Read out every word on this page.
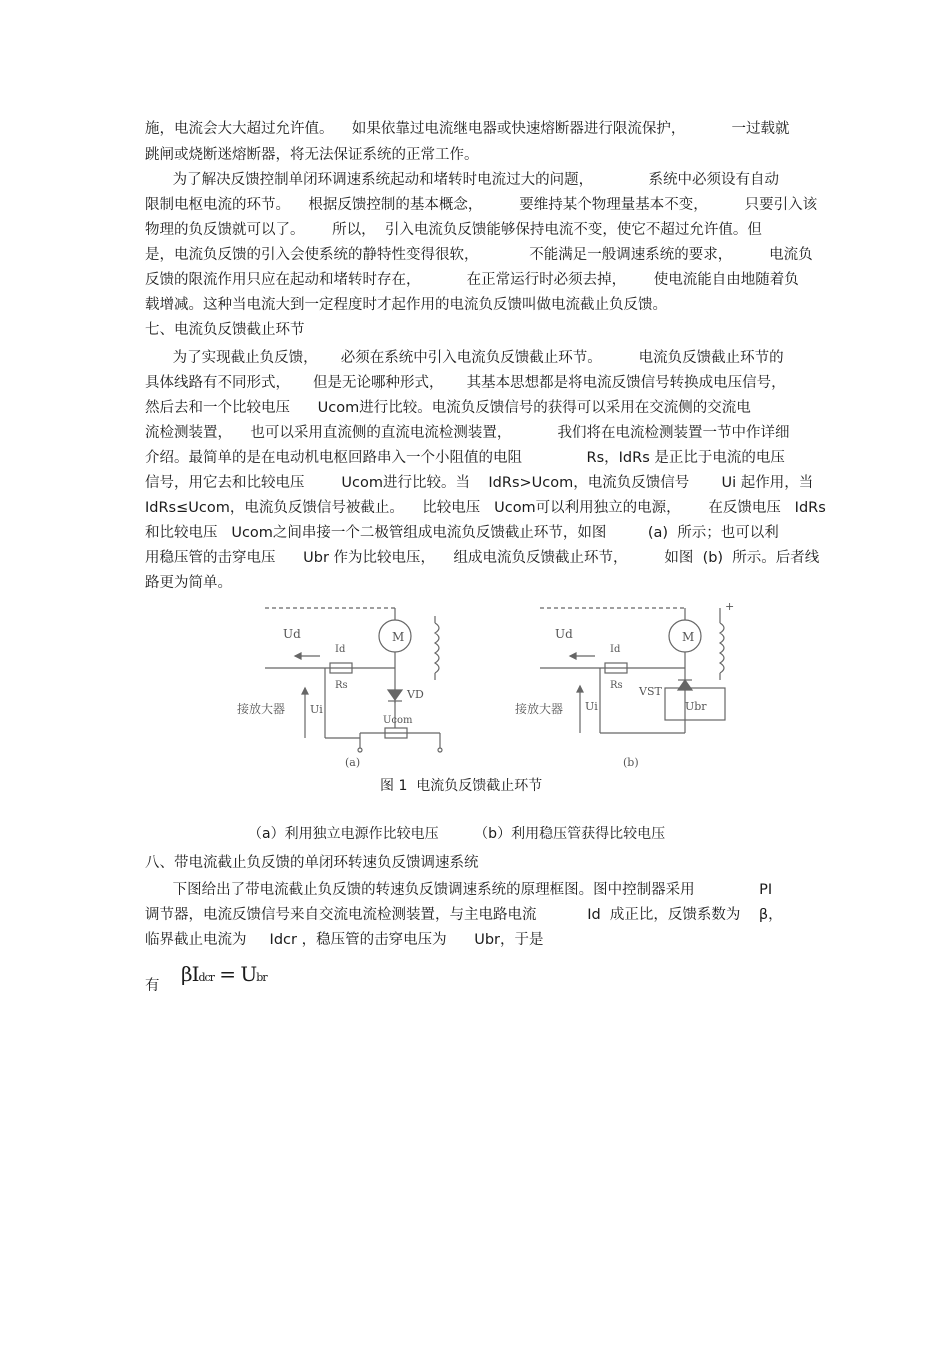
施，电流会大大超过允许值。    如果依靠过电流继电器或快速熔断器进行限流保护，          一过载就
跳闸或烧断迷熔断器，将无法保证系统的正常工作。
为了解决反馈控制单闭环调速系统起动和堵转时电流过大的问题，            系统中必须设有自动
限制电枢电流的环节。    根据反馈控制的基本概念，        要维持某个物理量基本不变，        只要引入该
物理的负反馈就可以了。      所以，  引入电流负反馈能够保持电流不变，使它不超过允许值。但
是，电流负反馈的引入会使系统的静特性变得很软，           不能满足一般调速系统的要求，        电流负
反馈的限流作用只应在起动和堵转时存在，          在正常运行时必须去掉，      使电流能自由地随着负
载增减。这种当电流大到一定程度时才起作用的电流负反馈叫做电流截止负反馈。
七、电流负反馈截止环节
为了实现截止负反馈，     必须在系统中引入电流负反馈截止环节。        电流负反馈截止环节的
具体线路有不同形式，     但是无论哪种形式，     其基本思想都是将电流反馈信号转换成电压信号，
然后去和一个比较电压      Ucom进行比较。电流负反馈信号的获得可以采用在交流侧的交流电
流检测装置，    也可以采用直流侧的直流电流检测装置，          我们将在电流检测装置一节中作详细
介绍。最简单的是在电动机电枢回路串入一个小阻值的电阻              Rs，IdRs 是正比于电流的电压
信号，用它去和比较电压        Ucom进行比较。当    IdRs>Ucom，电流负反馈信号       Ui 起作用，当
IdRs≤Ucom，电流负反馈信号被截止。    比较电压   Ucom可以利用独立的电源，      在反馈电压   IdRs
和比较电压   Ucom之间串接一个二极管组成电流负反馈截止环节，如图         (a)  所示；也可以利
用稳压管的击穿电压      Ubr 作为比较电压，    组成电流负反馈截止环节，        如图  (b)  所示。后者线
路更为简单。
Ud
Id
M
Rs
VD
Ucom
接放大器 Ui
(a)
Ud
Id
M
Rs VST
Ubr
接放大器 Ui
(b)
+
图 1  电流负反馈截止环节
（a）利用独立电源作比较电压        （b）利用稳压管获得比较电压
八、带电流截止负反馈的单闭环转速负反馈调速系统
下图给出了带电流截止负反馈的转速负反馈调速系统的原理框图。图中控制器采用              PI
调节器，电流反馈信号来自交流电流检测装置，与主电路电流           Id  成正比，反馈系数为    β，
临界截止电流为     Idcr ，稳压管的击穿电压为      Ubr，于是
有 βIdcr = Ubr
